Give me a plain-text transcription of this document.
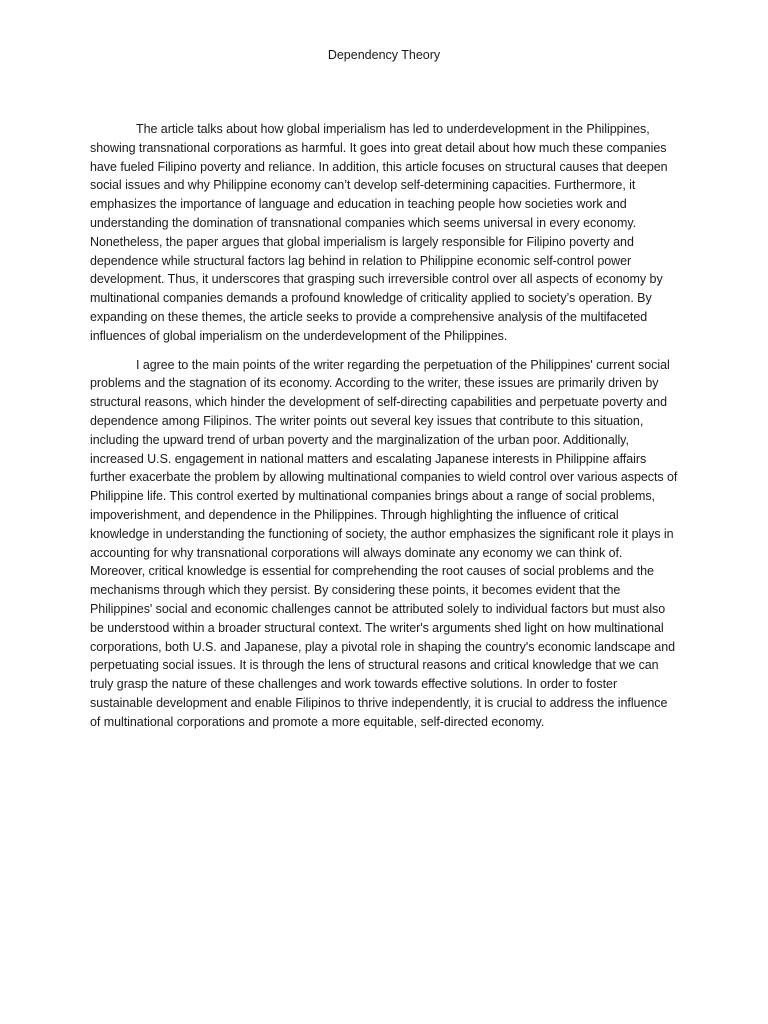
Dependency Theory

The article talks about how global imperialism has led to underdevelopment in the Philippines, showing transnational corporations as harmful. It goes into great detail about how much these companies have fueled Filipino poverty and reliance. In addition, this article focuses on structural causes that deepen social issues and why Philippine economy can’t develop self-determining capacities. Furthermore, it emphasizes the importance of language and education in teaching people how societies work and understanding the domination of transnational companies which seems universal in every economy. Nonetheless, the paper argues that global imperialism is largely responsible for Filipino poverty and dependence while structural factors lag behind in relation to Philippine economic self-control power development. Thus, it underscores that grasping such irreversible control over all aspects of economy by multinational companies demands a profound knowledge of criticality applied to society’s operation. By expanding on these themes, the article seeks to provide a comprehensive analysis of the multifaceted influences of global imperialism on the underdevelopment of the Philippines.

I agree to the main points of the writer regarding the perpetuation of the Philippines' current social problems and the stagnation of its economy. According to the writer, these issues are primarily driven by structural reasons, which hinder the development of self-directing capabilities and perpetuate poverty and dependence among Filipinos. The writer points out several key issues that contribute to this situation, including the upward trend of urban poverty and the marginalization of the urban poor. Additionally, increased U.S. engagement in national matters and escalating Japanese interests in Philippine affairs further exacerbate the problem by allowing multinational companies to wield control over various aspects of Philippine life. This control exerted by multinational companies brings about a range of social problems, impoverishment, and dependence in the Philippines. Through highlighting the influence of critical knowledge in understanding the functioning of society, the author emphasizes the significant role it plays in accounting for why transnational corporations will always dominate any economy we can think of. Moreover, critical knowledge is essential for comprehending the root causes of social problems and the mechanisms through which they persist. By considering these points, it becomes evident that the Philippines' social and economic challenges cannot be attributed solely to individual factors but must also be understood within a broader structural context. The writer's arguments shed light on how multinational corporations, both U.S. and Japanese, play a pivotal role in shaping the country's economic landscape and perpetuating social issues. It is through the lens of structural reasons and critical knowledge that we can truly grasp the nature of these challenges and work towards effective solutions. In order to foster sustainable development and enable Filipinos to thrive independently, it is crucial to address the influence of multinational corporations and promote a more equitable, self-directed economy.
